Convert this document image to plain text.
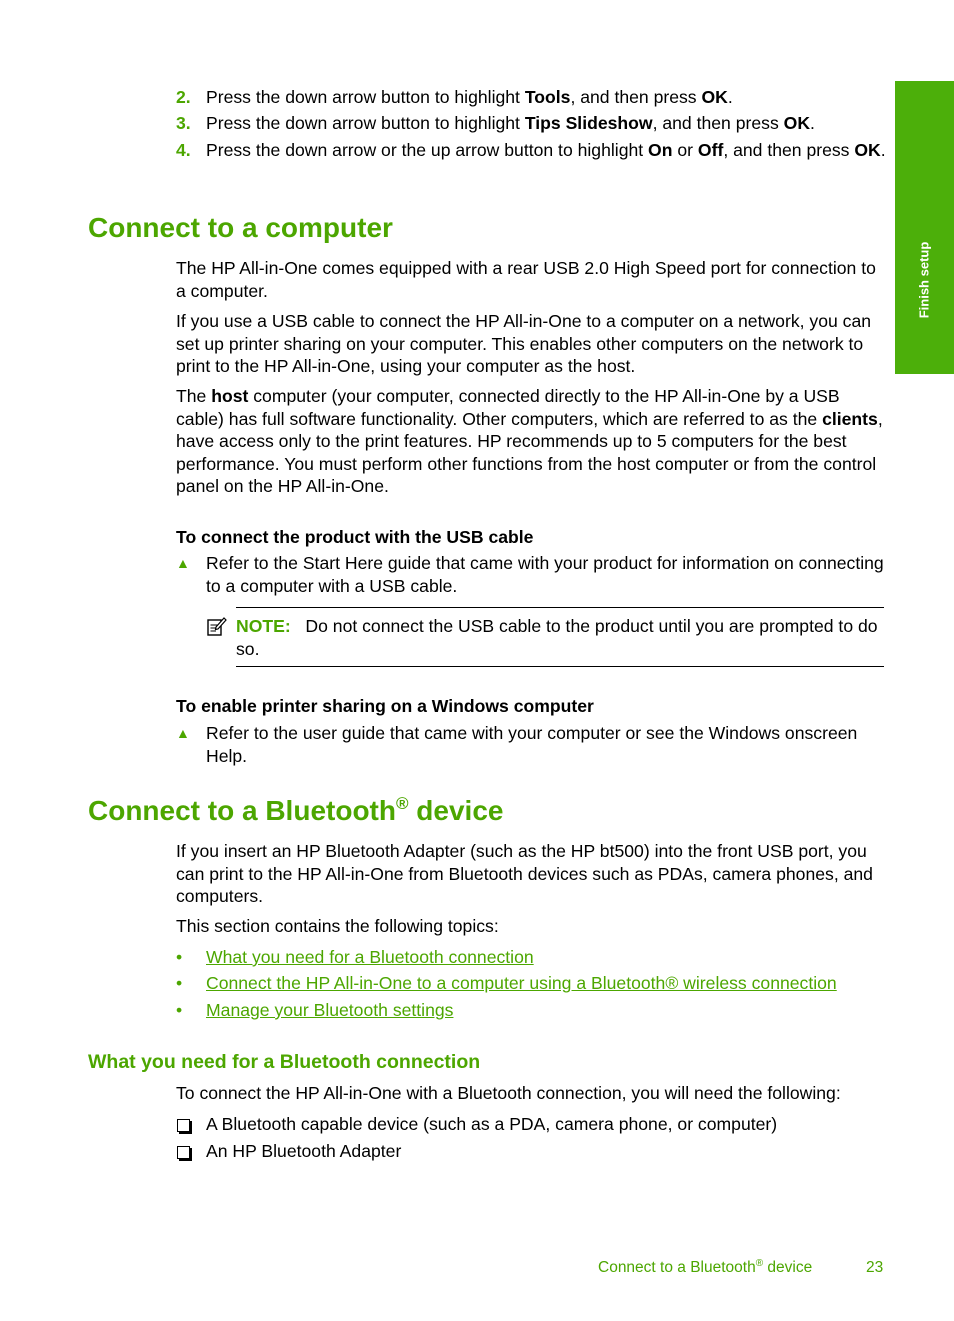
Finish setup
2. Press the down arrow button to highlight Tools, and then press OK.
3. Press the down arrow button to highlight Tips Slideshow, and then press OK.
4. Press the down arrow or the up arrow button to highlight On or Off, and then press OK.
Connect to a computer

The HP All-in-One comes equipped with a rear USB 2.0 High Speed port for connection to a computer.

If you use a USB cable to connect the HP All-in-One to a computer on a network, you can set up printer sharing on your computer. This enables other computers on the network to print to the HP All-in-One, using your computer as the host.

The host computer (your computer, connected directly to the HP All-in-One by a USB cable) has full software functionality. Other computers, which are referred to as the clients, have access only to the print features. HP recommends up to 5 computers for the best performance. You must perform other functions from the host computer or from the control panel on the HP All-in-One.

To connect the product with the USB cable

▲ Refer to the Start Here guide that came with your product for information on connecting to a computer with a USB cable.
NOTE: Do not connect the USB cable to the product until you are prompted to do so.

To enable printer sharing on a Windows computer

▲ Refer to the user guide that came with your computer or see the Windows onscreen Help.
Connect to a Bluetooth® device

If you insert an HP Bluetooth Adapter (such as the HP bt500) into the front USB port, you can print to the HP All-in-One from Bluetooth devices such as PDAs, camera phones, and computers.

This section contains the following topics:

• What you need for a Bluetooth connection
• Connect the HP All-in-One to a computer using a Bluetooth® wireless connection
• Manage your Bluetooth settings
What you need for a Bluetooth connection

To connect the HP All-in-One with a Bluetooth connection, you will need the following:

A Bluetooth capable device (such as a PDA, camera phone, or computer)
An HP Bluetooth Adapter
Connect to a Bluetooth® device	23
